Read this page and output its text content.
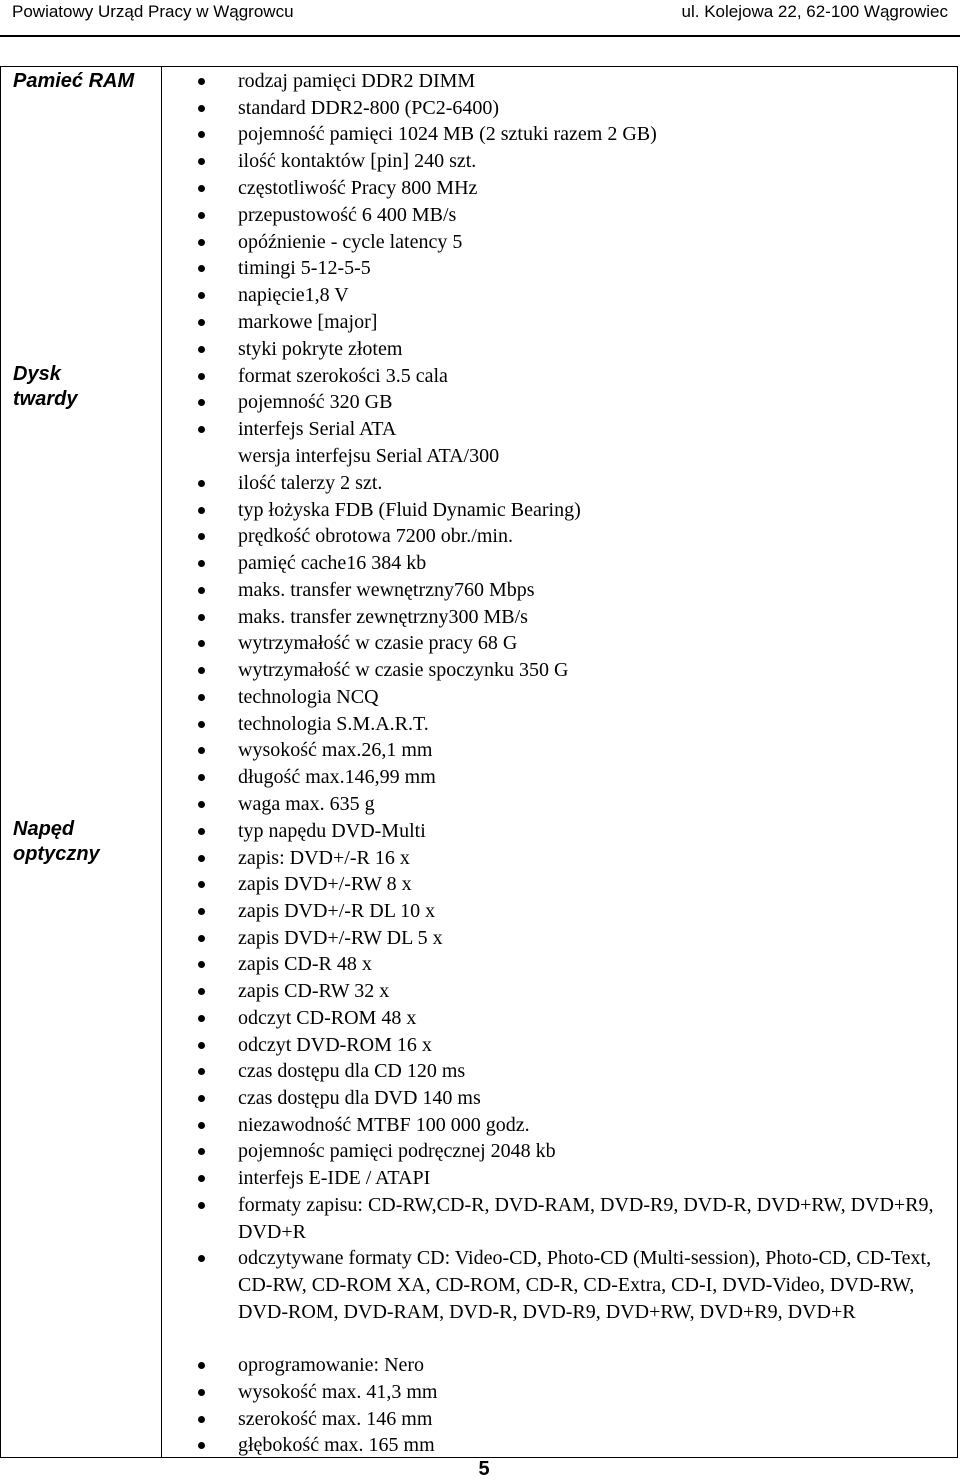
Powiatowy Urząd Pracy w Wągrowcu	ul. Kolejowa 22, 62-100 Wągrowiec
Pamieć RAM
Dysk twardy
Napęd optyczny
rodzaj pamięci DDR2 DIMM
standard DDR2-800 (PC2-6400)
pojemność pamięci 1024 MB (2 sztuki razem 2 GB)
ilość kontaktów [pin] 240 szt.
częstotliwość Pracy 800 MHz
przepustowość 6 400 MB/s
opóźnienie - cycle latency 5
timingi 5-12-5-5
napięcie1,8 V
markowe [major]
styki pokryte złotem
format szerokości 3.5 cala
pojemność 320 GB
interfejs Serial ATA
wersja interfejsu Serial ATA/300
ilość talerzy 2 szt.
typ łożyska FDB (Fluid Dynamic Bearing)
prędkość obrotowa 7200 obr./min.
pamięć cache16 384 kb
maks. transfer wewnętrzny760 Mbps
maks. transfer zewnętrzny300 MB/s
wytrzymałość w czasie pracy 68 G
wytrzymałość w czasie spoczynku 350 G
technologia NCQ
technologia S.M.A.R.T.
wysokość max.26,1 mm
długość max.146,99 mm
waga max. 635 g
typ napędu DVD-Multi
zapis: DVD+/-R 16 x
zapis DVD+/-RW 8 x
zapis DVD+/-R DL 10 x
zapis DVD+/-RW DL 5 x
zapis CD-R 48 x
zapis CD-RW 32 x
odczyt CD-ROM 48 x
odczyt DVD-ROM 16 x
czas dostępu dla CD 120 ms
czas dostępu dla DVD 140 ms
niezawodność MTBF 100 000 godz.
pojemnośc pamięci podręcznej 2048 kb
interfejs E-IDE / ATAPI
formaty zapisu: CD-RW,CD-R, DVD-RAM, DVD-R9, DVD-R, DVD+RW, DVD+R9, DVD+R
odczytywane formaty CD: Video-CD, Photo-CD (Multi-session), Photo-CD, CD-Text, CD-RW, CD-ROM XA, CD-ROM, CD-R, CD-Extra, CD-I, DVD-Video, DVD-RW, DVD-ROM, DVD-RAM, DVD-R, DVD-R9, DVD+RW, DVD+R9, DVD+R
oprogramowanie: Nero
wysokość max. 41,3 mm
szerokość max. 146 mm
głębokość max. 165 mm
5
